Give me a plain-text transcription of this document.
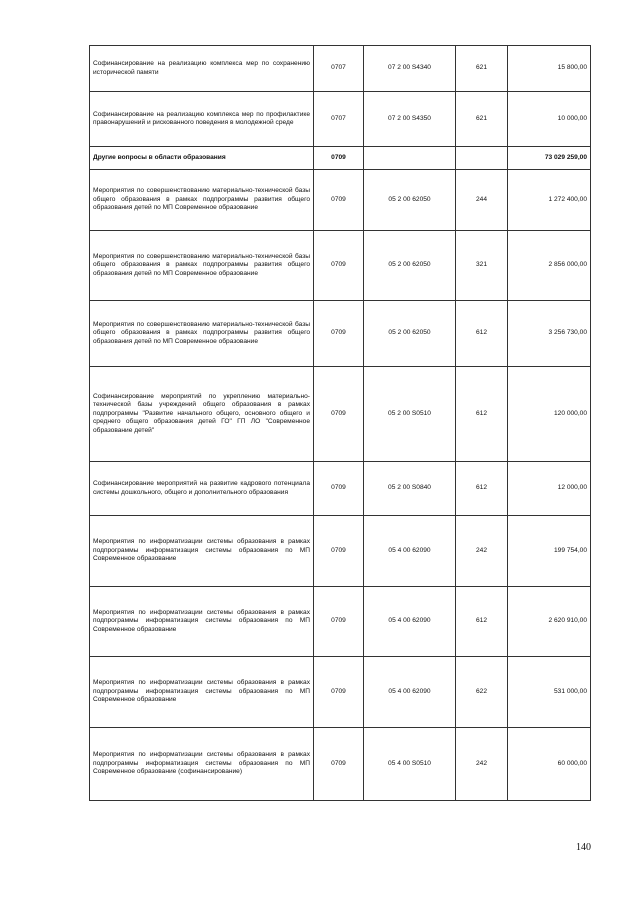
Софинансирование на реализацию комплекса мер по сохранению исторической памяти	0707	07 2 00 S4340	621	15 800,00
Софинансирование на реализацию комплекса мер по профилактике правонарушений и рискованного поведения в молодежной среде	0707	07 2 00 S4350	621	10 000,00
Другие вопросы в области образования	0709			73 029 259,00
Мероприятия по совершенствованию материально-технической базы общего образования в рамках подпрограммы развития общего образования детей по МП Современное образование	0709	05 2 00 62050	244	1 272 400,00
Мероприятия по совершенствованию материально-технической базы общего образования в рамках подпрограммы развития общего образования детей по МП Современное образование	0709	05 2 00 62050	321	2 856 000,00
Мероприятия по совершенствованию материально-технической базы общего образования в рамках подпрограммы развития общего образования детей по МП Современное образование	0709	05 2 00 62050	612	3 256 730,00
Софинансирование мероприятий по укреплению материально-технической базы учреждений общего образования в рамках подпрограммы "Развитие начального общего, основного общего и среднего общего образования детей ГО" ГП ЛО "Современное образование детей"	0709	05 2 00 S0510	612	120 000,00
Софинансирование мероприятий на развитие кадрового потенциала системы дошкольного, общего и дополнительного образования	0709	05 2 00 S0840	612	12 000,00
Мероприятия по информатизации системы образования в рамках подпрограммы информатизация системы образования по МП Современное образование	0709	05 4 00 62090	242	199 754,00
Мероприятия по информатизации системы образования в рамках подпрограммы информатизация системы образования по МП Современное образование	0709	05 4 00 62090	612	2 620 910,00
Мероприятия по информатизации системы образования в рамках подпрограммы информатизация системы образования по МП Современное образование	0709	05 4 00 62090	622	531 000,00
Мероприятия по информатизации системы образования в рамках подпрограммы информатизация системы образования по МП Современное образование (софинансирование)	0709	05 4 00 S0510	242	60 000,00
140
